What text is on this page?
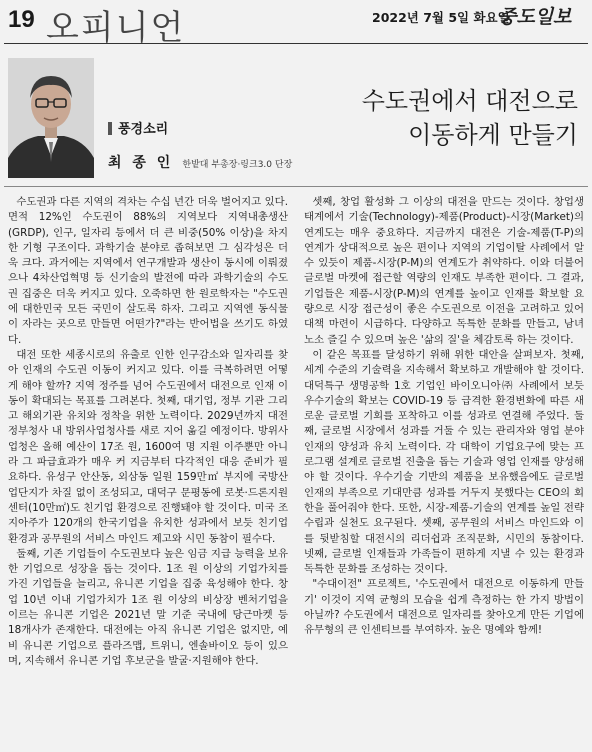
19 오피니언	2022년 7월 5일 화요일
중도일보
풍경소리
최 종 인 한밭대 부총장·링크3.0 단장
수도권에서 대전으로
이동하게 만들기

수도권과 다른 지역의 격차는 수십 년간 더욱 벌어지고 있다. 면적 12%인 수도권이 88%의 지역보다 지역내총생산(GRDP), 인구, 일자리 등에서 더 큰 비중(50% 이상)을 차지한 기형 구조이다. 과학기술 분야로 좁혀보면 그 심각성은 더욱 크다. 과거에는 지역에서 연구개발과 생산이 동시에 이뤄졌으나 4차산업혁명 등 신기술의 발전에 따라 과학기술의 수도권 집중은 더욱 커지고 있다. 오죽하면 한 원로학자는 "수도권에 대한민국 모든 국민이 살도록 하자. 그리고 지역엔 동식물이 자라는 곳으로 만들면 어떤가?"라는 반어법을 쓰기도 하였다.

대전 또한 세종시로의 유출로 인한 인구감소와 일자리를 찾아 인재의 수도권 이동이 커지고 있다. 이를 극복하려면 어떻게 해야 할까? 지역 정주를 넘어 수도권에서 대전으로 인재 이동이 확대되는 목표를 그려본다. 첫째, 대기업, 정부 기관 그리고 해외기관 유치와 정착을 위한 노력이다. 2029년까지 대전정부청사 내 방위사업청사를 새로 지어 옮길 예정이다. 방위사업청은 올해 예산이 17조 원, 1600여 명 지원 이주뿐만 아니라 그 파급효과가 매우 커 지금부터 다각적인 대응 준비가 필요하다. 유성구 안산동, 외삼동 일원 159만㎡ 부지에 국방산업단지가 차질 없이 조성되고, 대덕구 문평동에 로봇·드론지원센터(10만㎡)도 친기업 환경으로 진행돼야 할 것이다. 미국 조지아주가 120개의 한국기업을 유치한 성과에서 보듯 친기업 환경과 공무원의 서비스 마인드 제고와 시민 동참이 필수다.

둘째, 기존 기업들이 수도권보다 높은 임금 지급 능력을 보유한 기업으로 성장을 돕는 것이다. 1조 원 이상의 기업가치를 가진 기업들을 늘리고, 유니콘 기업을 집중 육성해야 한다. 창업 10년 이내 기업가치가 1조 원 이상의 비상장 벤처기업을 이르는 유니콘 기업은 2021년 말 기준 국내에 당근마켓 등 18개사가 존재한다. 대전에는 아직 유니콘 기업은 없지만, 예비 유니콘 기업으로 플라즈맵, 트위니, 엔솔바이오 등이 있으며, 지속해서 유니콘 기업 후보군을 발굴·지원해야 한다.

셋째, 창업 활성화 그 이상의 대전을 만드는 것이다. 창업생태계에서 기술(Technology)-제품(Product)-시장(Market)의 연계도는 매우 중요하다. 지금까지 대전은 기술-제품(T-P)의 연계가 상대적으로 높은 편이나 지역의 기업이탈 사례에서 알 수 있듯이 제품-시장(P-M)의 연계도가 취약하다. 이와 더불어 글로벌 마켓에 접근할 역량의 인재도 부족한 편이다. 그 결과, 기업들은 제품-시장(P-M)의 연계를 높이고 인재를 확보할 요량으로 시장 접근성이 좋은 수도권으로 이전을 고려하고 있어 대책 마련이 시급하다. 다양하고 독특한 문화를 만들고, 남녀노소 즐길 수 있으며 높은 '삶의 질'을 체감토록 하는 것이다.

이 같은 목표를 달성하기 위해 위한 대안을 살펴보자. 첫째, 세계 수준의 기술력을 지속해서 확보하고 개발해야 할 것이다. 대덕특구 생명공학 1호 기업인 바이오니아㈜ 사례에서 보듯 우수기술의 확보는 COVID-19 등 급격한 환경변화에 따른 새로운 글로벌 기회를 포착하고 이를 성과로 연결해 주었다. 둘째, 글로벌 시장에서 성과를 거둘 수 있는 관리자와 영업 분야 인재의 양성과 유치 노력이다. 각 대학이 기업요구에 맞는 프로그램 설계로 글로벌 진출을 돕는 기술과 영업 인재를 양성해야 할 것이다. 우수기술 기반의 제품을 보유했음에도 글로벌 인재의 부족으로 기대만큼 성과를 거두지 못했다는 CEO의 회한을 풀어줘야 한다. 또한, 시장-제품-기술의 연계를 높일 전략 수립과 실천도 요구된다. 셋째, 공무원의 서비스 마인드와 이를 뒷받침할 대전시의 리더쉽과 조직문화, 시민의 동참이다. 넷째, 글로벌 인재들과 가족들이 편하게 지낼 수 있는 환경과 독특한 문화를 조성하는 것이다.

"수대이전" 프로젝트, '수도권에서 대전으로 이동하게 만들기' 이것이 지역 균형의 모습을 쉽게 측정하는 한 가지 방법이 아닐까? 수도권에서 대전으로 일자리를 찾아오게 만든 기업에 유무형의 큰 인센티브를 부여하자. 높은 명예와 함께!
